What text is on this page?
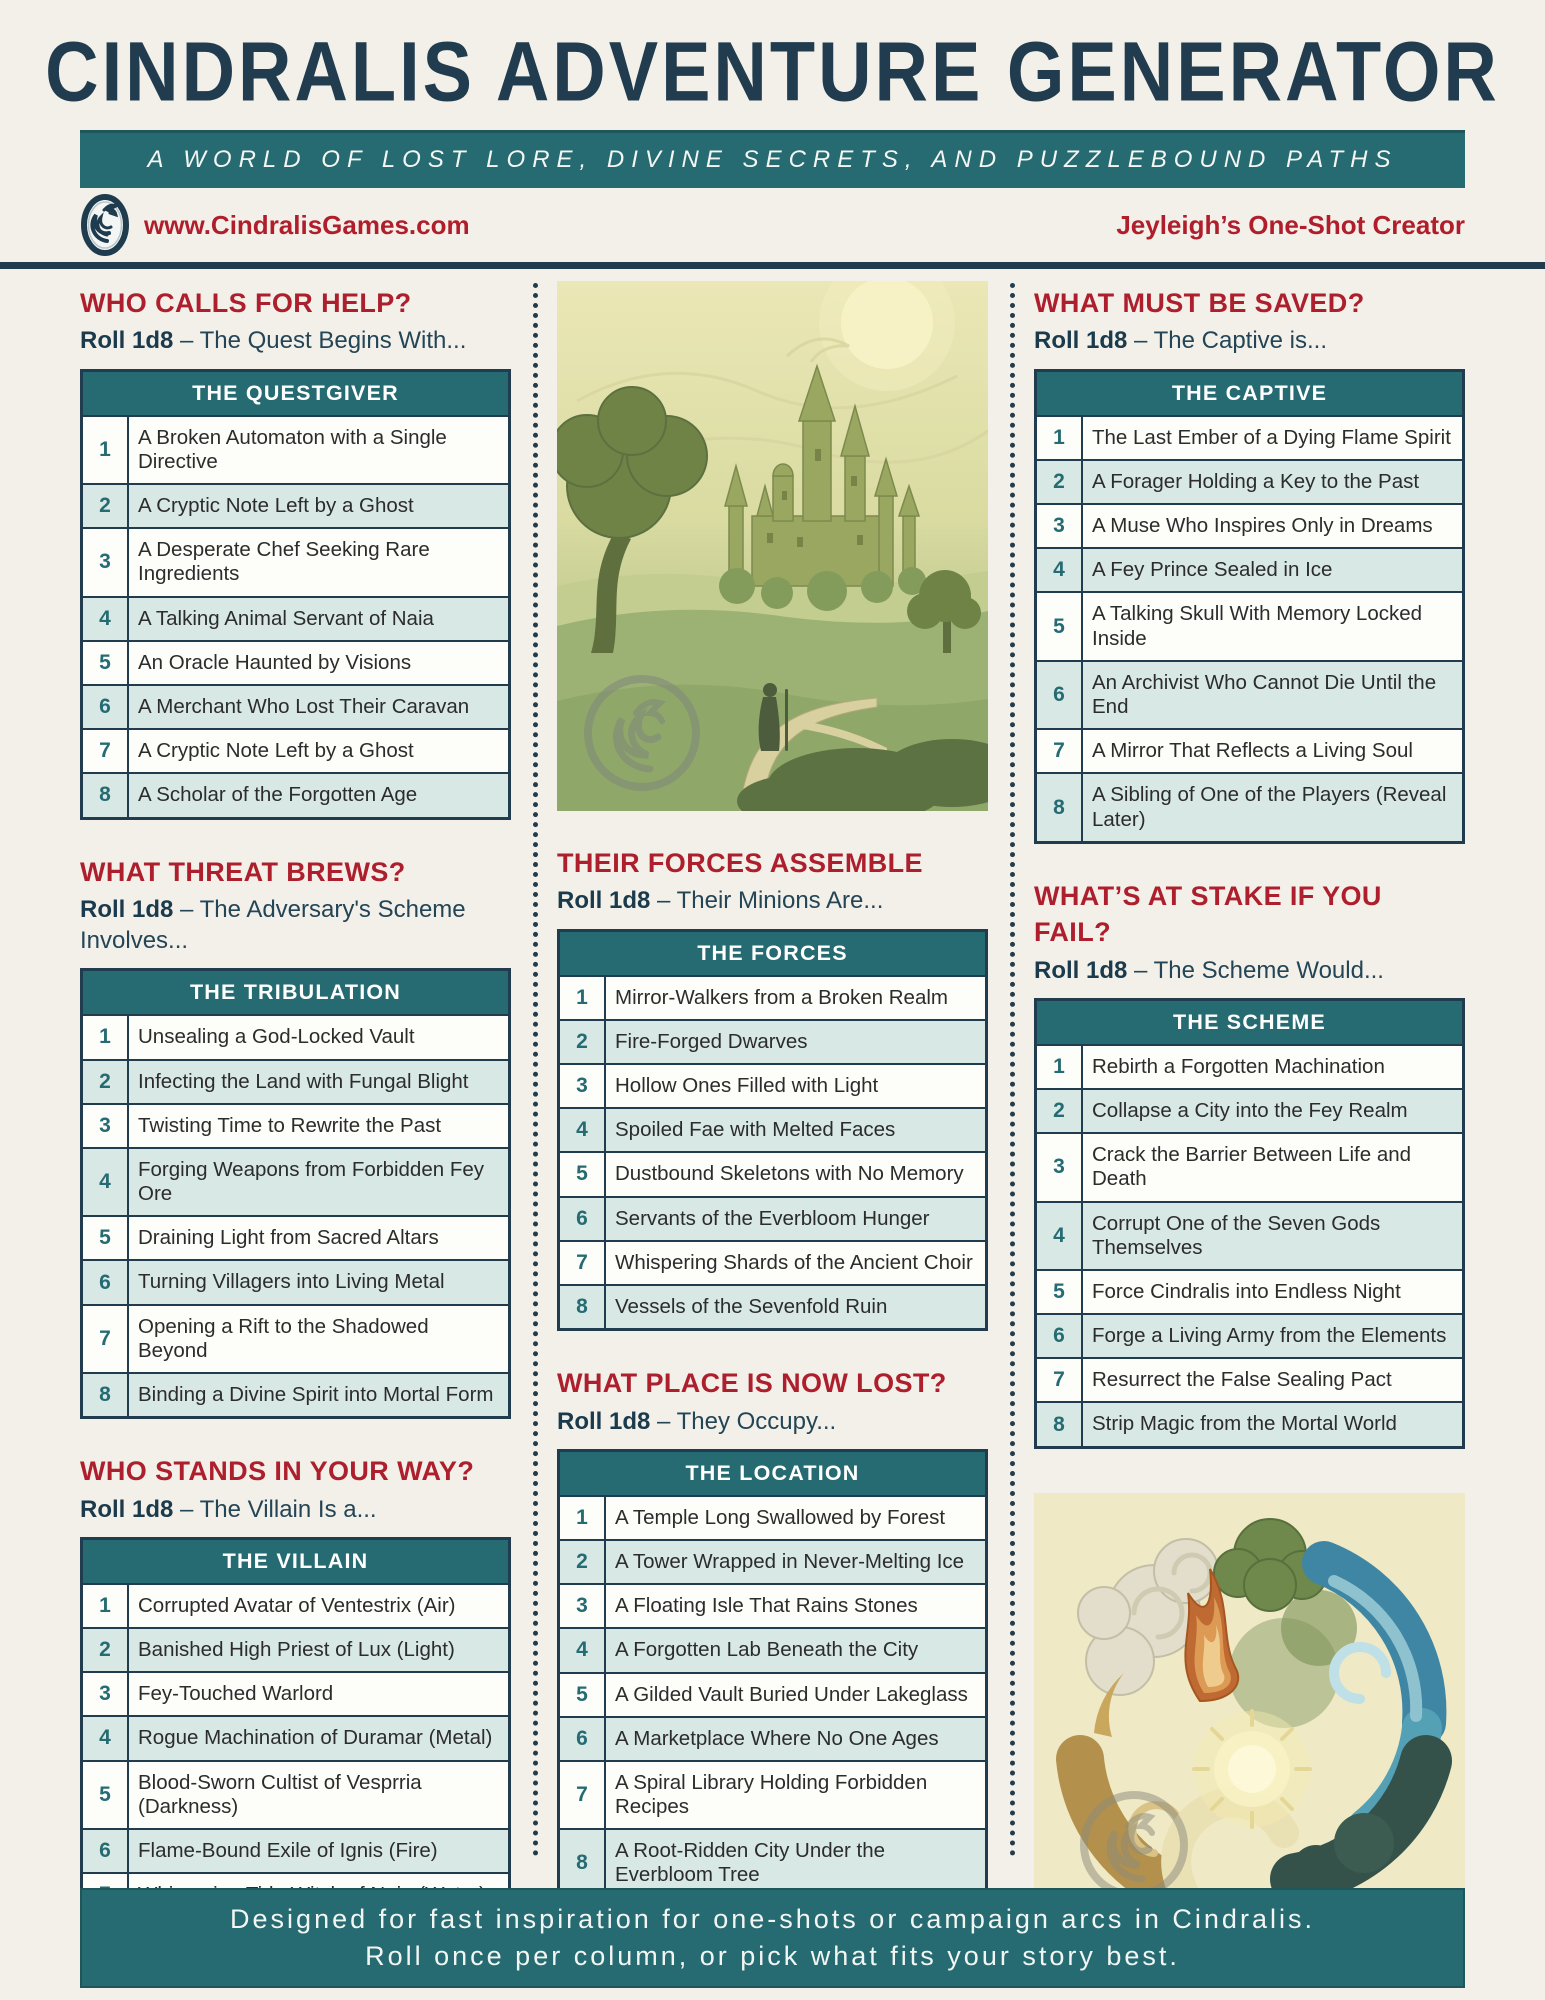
CINDRALIS ADVENTURE GENERATOR
A WORLD OF LOST LORE, DIVINE SECRETS, AND PUZZLEBOUND PATHS
www.CindralisGames.com	Jeyleigh’s One-Shot Creator
WHO CALLS FOR HELP?

Roll 1d8 – The Quest Begins With...

THE QUESTGIVER	
1	A Broken Automaton with a Single Directive
2	A Cryptic Note Left by a Ghost
3	A Desperate Chef Seeking Rare Ingredients
4	A Talking Animal Servant of Naia
5	An Oracle Haunted by Visions
6	A Merchant Who Lost Their Caravan
7	A Cryptic Note Left by a Ghost
8	A Scholar of the Forgotten Age
WHAT THREAT BREWS?

Roll 1d8 – The Adversary's Scheme Involves...

THE TRIBULATION	
1	Unsealing a God-Locked Vault
2	Infecting the Land with Fungal Blight
3	Twisting Time to Rewrite the Past
4	Forging Weapons from Forbidden Fey Ore
5	Draining Light from Sacred Altars
6	Turning Villagers into Living Metal
7	Opening a Rift to the Shadowed Beyond
8	Binding a Divine Spirit into Mortal Form
WHO STANDS IN YOUR WAY?

Roll 1d8 – The Villain Is a...

THE VILLAIN	
1	Corrupted Avatar of Ventestrix (Air)
2	Banished High Priest of Lux (Light)
3	Fey-Touched Warlord
4	Rogue Machination of Duramar (Metal)
5	Blood-Sworn Cultist of Vesprria (Darkness)
6	Flame-Bound Exile of Ignis (Fire)

THEIR FORCES ASSEMBLE

Roll 1d8 – Their Minions Are...

THE FORCES	
1	Mirror-Walkers from a Broken Realm
2	Fire-Forged Dwarves
3	Hollow Ones Filled with Light
4	Spoiled Fae with Melted Faces
5	Dustbound Skeletons with No Memory
6	Servants of the Everbloom Hunger
7	Whispering Shards of the Ancient Choir
8	Vessels of the Sevenfold Ruin
WHAT PLACE IS NOW LOST?

Roll 1d8 – They Occupy...

THE LOCATION	
1	A Temple Long Swallowed by Forest
2	A Tower Wrapped in Never-Melting Ice
3	A Floating Isle That Rains Stones
4	A Forgotten Lab Beneath the City
5	A Gilded Vault Buried Under Lakeglass
6	A Marketplace Where No One Ages
7	A Spiral Library Holding Forbidden Recipes
8	A Root-Ridden City Under the Everbloom Tree
WHAT MUST BE SAVED?

Roll 1d8 – The Captive is...

THE CAPTIVE	
1	The Last Ember of a Dying Flame Spirit
2	A Forager Holding a Key to the Past
3	A Muse Who Inspires Only in Dreams
4	A Fey Prince Sealed in Ice
5	A Talking Skull With Memory Locked Inside
6	An Archivist Who Cannot Die Until the End
7	A Mirror That Reflects a Living Soul
8	A Sibling of One of the Players (Reveal Later)
WHAT’S AT STAKE IF YOU FAIL?

Roll 1d8 – The Scheme Would...

THE SCHEME	
1	Rebirth a Forgotten Machination
2	Collapse a City into the Fey Realm
3	Crack the Barrier Between Life and Death
4	Corrupt One of the Seven Gods Themselves
5	Force Cindralis into Endless Night
6	Forge a Living Army from the Elements
7	Resurrect the False Sealing Pact
8	Strip Magic from the Mortal World
Designed for fast inspiration for one-shots or campaign arcs in Cindralis.
Roll once per column, or pick what fits your story best.
